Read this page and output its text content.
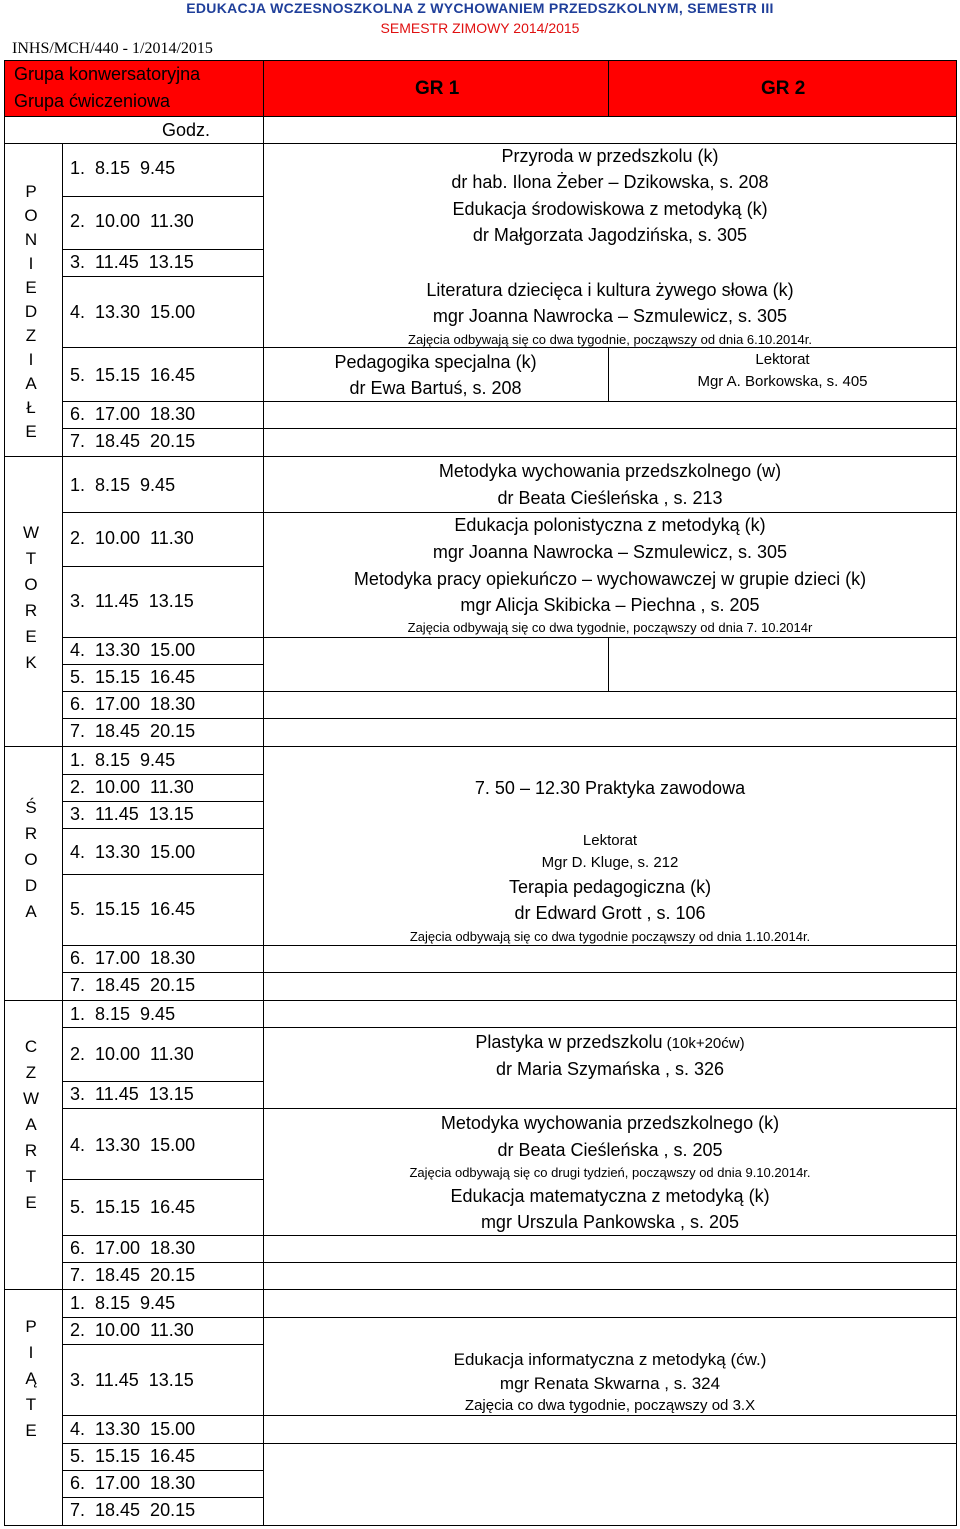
EDUKACJA WCZESNOSZKOLNA Z WYCHOWANIEM PRZEDSZKOLNYM, SEMESTR III
SEMESTR ZIMOWY 2014/2015
INHS/MCH/440 - 1/2014/2015
Grupa konwersatoryjna
Grupa ćwiczeniowa
GR 1	GR 2
Godz.
P
O
N
I
E
D
Z
I
A
Ł
E
W
T
O
R
E
K
Ś
R
O
D
A
C
Z
W
A
R
T
E
P
I
Ą
T
E
1.  8.15  9.45
2.  10.00  11.30
3.  11.45  13.15
4.  13.30  15.00
5.  15.15  16.45
6.  17.00  18.30
7.  18.45  20.15
1.  8.15  9.45
2.  10.00  11.30
3.  11.45  13.15
4.  13.30  15.00
5.  15.15  16.45
6.  17.00  18.30
7.  18.45  20.15
1.  8.15  9.45
2.  10.00  11.30
3.  11.45  13.15
4.  13.30  15.00
5.  15.15  16.45
6.  17.00  18.30
7.  18.45  20.15
1.  8.15  9.45
2.  10.00  11.30
3.  11.45  13.15
4.  13.30  15.00
5.  15.15  16.45
6.  17.00  18.30
7.  18.45  20.15
1.  8.15  9.45
2.  10.00  11.30
3.  11.45  13.15
4.  13.30  15.00
5.  15.15  16.45
6.  17.00  18.30
7.  18.45  20.15
Przyroda w przedszkolu (k)
dr hab. Ilona Żeber – Dzikowska, s. 208
Edukacja środowiskowa z metodyką (k)
dr Małgorzata Jagodzińska, s. 305
Literatura dziecięca i kultura żywego słowa (k)
mgr Joanna Nawrocka – Szmulewicz, s. 305
Zajęcia odbywają się co dwa tygodnie, począwszy od dnia 6.10.2014r.
Pedagogika specjalna (k)
dr Ewa Bartuś, s. 208
Lektorat
Mgr A. Borkowska, s. 405
Metodyka wychowania przedszkolnego (w)
dr Beata Cieśleńska , s. 213
Edukacja polonistyczna z metodyką (k)
mgr Joanna Nawrocka – Szmulewicz, s. 305
Metodyka pracy opiekuńczo – wychowawczej w grupie dzieci (k)
mgr Alicja Skibicka – Piechna , s. 205
Zajęcia odbywają się co dwa tygodnie, począwszy od dnia 7. 10.2014r
7. 50 – 12.30 Praktyka zawodowa
Lektorat
Mgr D. Kluge, s. 212
Terapia pedagogiczna (k)
dr Edward Grott , s. 106
Zajęcia odbywają się co dwa tygodnie począwszy od dnia 1.10.2014r.
Plastyka w przedszkolu (10k+20ćw)
dr Maria Szymańska , s. 326
Metodyka wychowania przedszkolnego (k)
dr Beata Cieśleńska , s. 205
Zajęcia odbywają się co drugi tydzień, począwszy od dnia 9.10.2014r.
Edukacja matematyczna z metodyką (k)
mgr Urszula Pankowska , s. 205
Edukacja informatyczna z metodyką (ćw.)
mgr Renata Skwarna , s. 324
Zajęcia co dwa tygodnie, począwszy od 3.X
